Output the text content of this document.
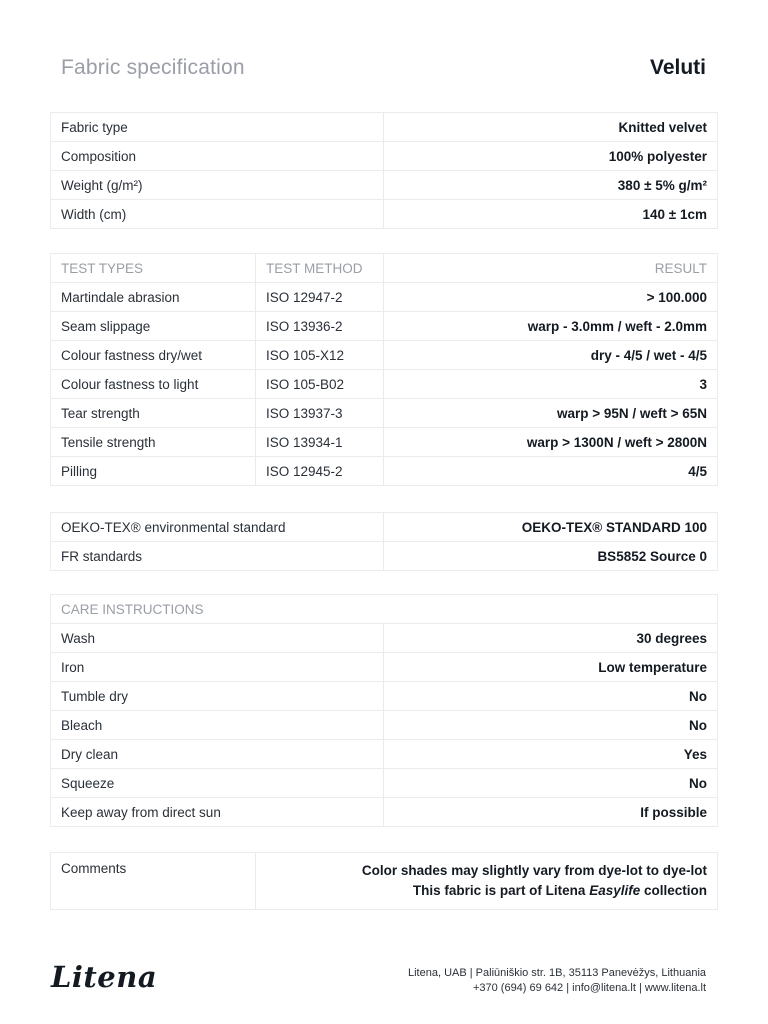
Fabric specification	Veluti
Fabric type	Knitted velvet
Composition	100% polyester
Weight (g/m²)	380 ± 5% g/m²
Width (cm)	140 ± 1cm
TEST TYPES	TEST METHOD	RESULT
Martindale abrasion	ISO 12947-2	> 100.000
Seam slippage	ISO 13936-2	warp - 3.0mm / weft - 2.0mm
Colour fastness dry/wet	ISO 105-X12	dry - 4/5 / wet - 4/5
Colour fastness to light	ISO 105-B02	3
Tear strength	ISO 13937-3	warp > 95N / weft > 65N
Tensile strength	ISO 13934-1	warp > 1300N / weft > 2800N
Pilling	ISO 12945-2	4/5
OEKO-TEX® environmental standard	OEKO-TEX® STANDARD 100
FR standards	BS5852 Source 0
CARE INSTRUCTIONS	
Wash	30 degrees
Iron	Low temperature
Tumble dry	No
Bleach	No
Dry clean	Yes
Squeeze	No
Keep away from direct sun	If possible
Comments	Color shades may slightly vary from dye-lot to dye-lot
This fabric is part of Litena Easylife collection
Litena	Litena, UAB | Paliūniškio str. 1B, 35113 Panevėžys, Lithuania
+370 (694) 69 642 | info@litena.lt | www.litena.lt
